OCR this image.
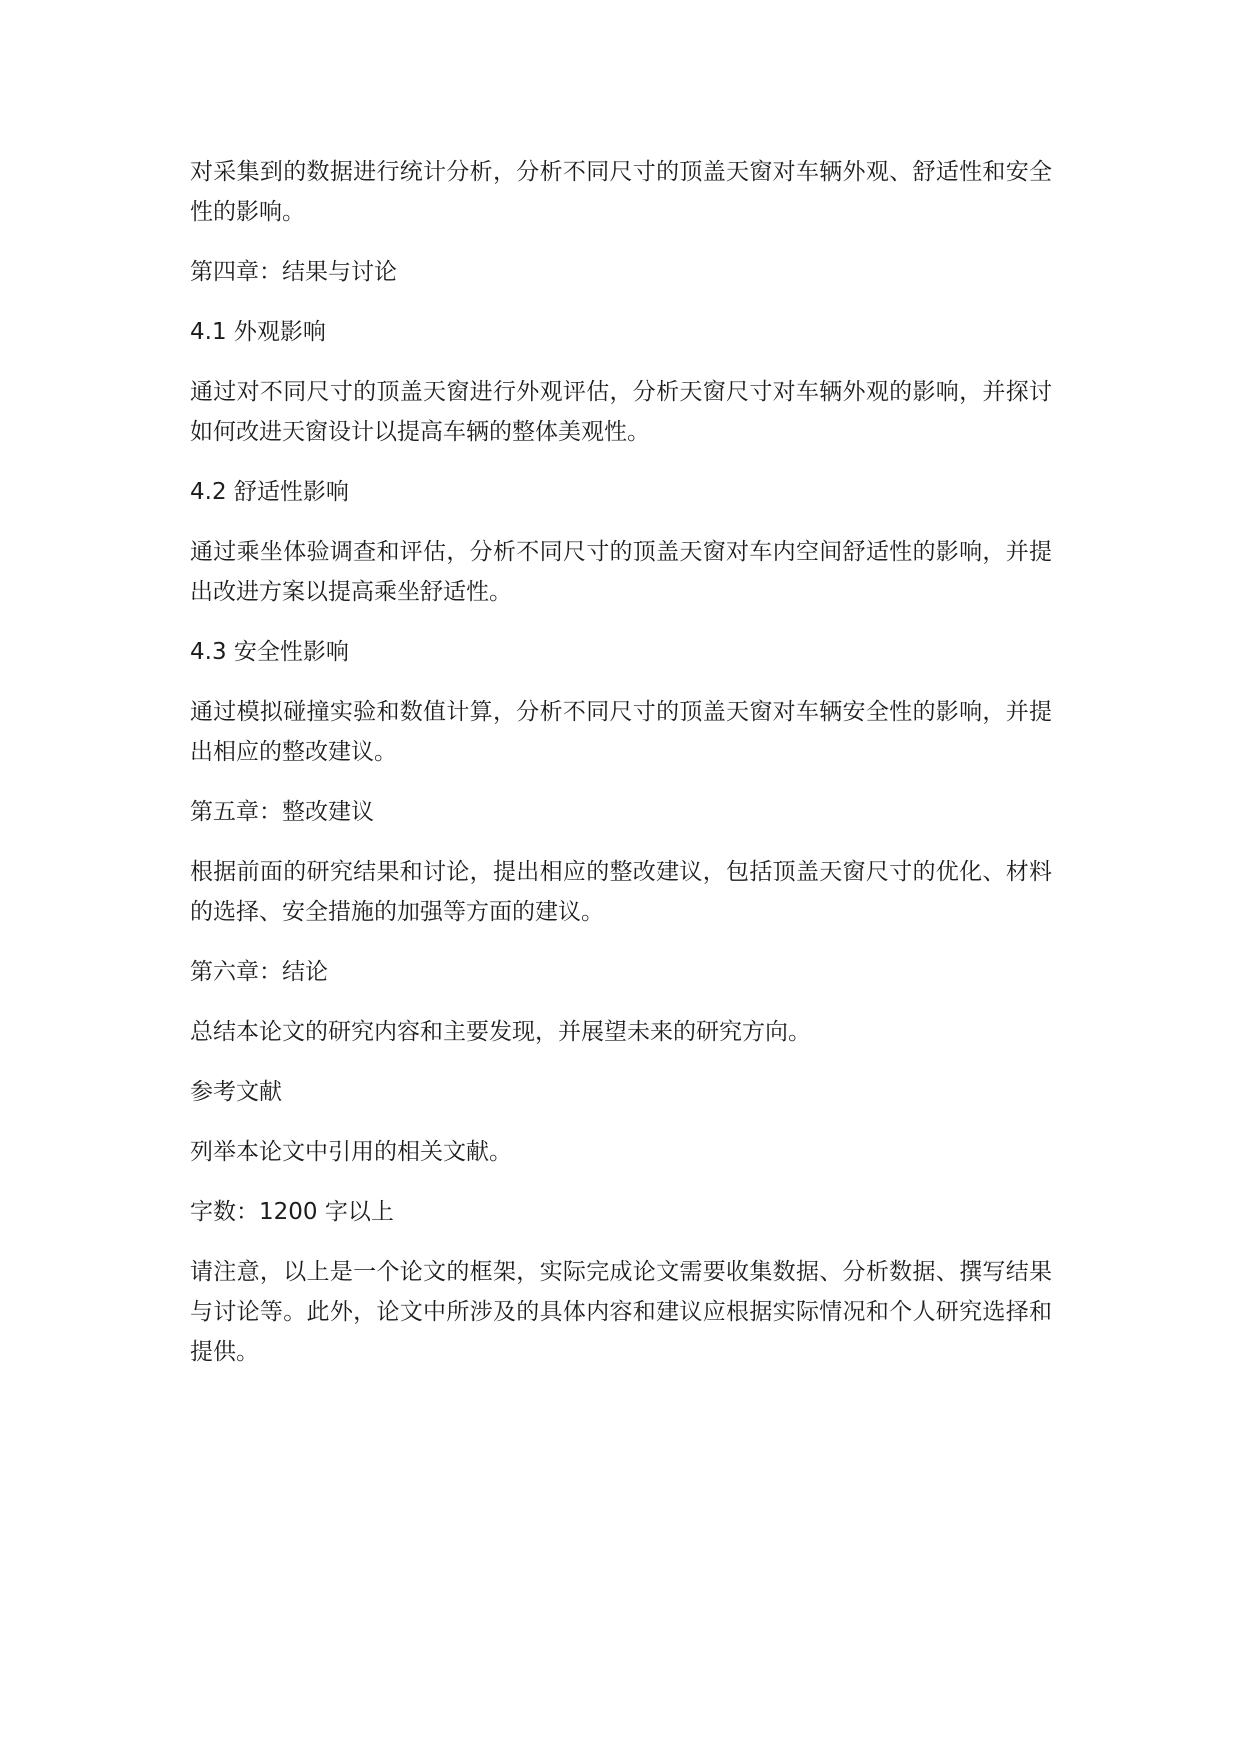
对采集到的数据进行统计分析，分析不同尺寸的顶盖天窗对车辆外观、舒适性和安全性的影响。

第四章：结果与讨论

4.1 外观影响

通过对不同尺寸的顶盖天窗进行外观评估，分析天窗尺寸对车辆外观的影响，并探讨如何改进天窗设计以提高车辆的整体美观性。

4.2 舒适性影响

通过乘坐体验调查和评估，分析不同尺寸的顶盖天窗对车内空间舒适性的影响，并提出改进方案以提高乘坐舒适性。

4.3 安全性影响

通过模拟碰撞实验和数值计算，分析不同尺寸的顶盖天窗对车辆安全性的影响，并提出相应的整改建议。

第五章：整改建议

根据前面的研究结果和讨论，提出相应的整改建议，包括顶盖天窗尺寸的优化、材料的选择、安全措施的加强等方面的建议。

第六章：结论

总结本论文的研究内容和主要发现，并展望未来的研究方向。

参考文献

列举本论文中引用的相关文献。

字数：1200 字以上

请注意，以上是一个论文的框架，实际完成论文需要收集数据、分析数据、撰写结果与讨论等。此外，论文中所涉及的具体内容和建议应根据实际情况和个人研究选择和提供。
